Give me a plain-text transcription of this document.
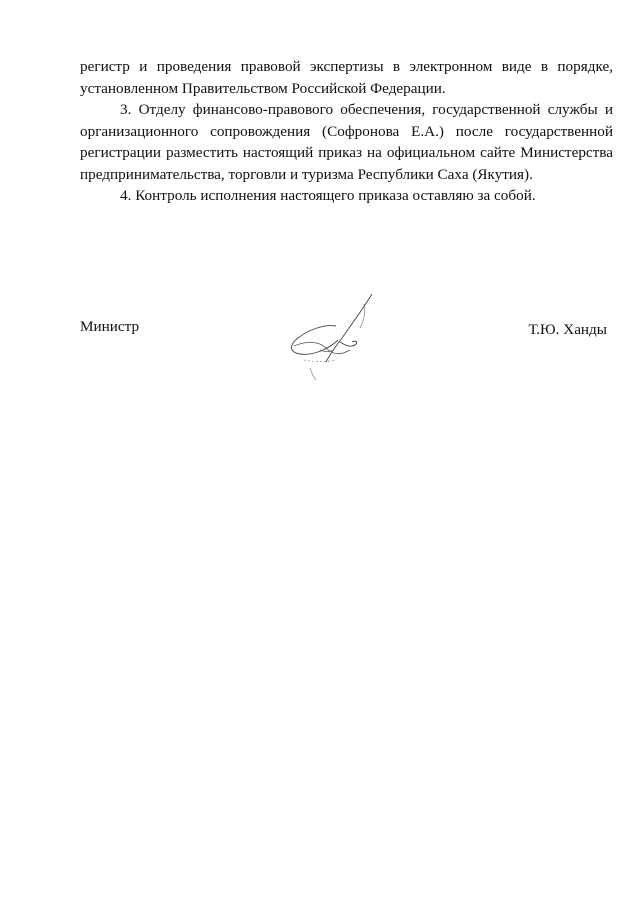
регистр и проведения правовой экспертизы в электронном виде в порядке, установленном Правительством Российской Федерации.

3. Отделу финансово-правового обеспечения, государственной службы и организационного сопровождения (Софронова Е.А.) после государственной регистрации разместить настоящий приказ на официальном сайте Министерства предпринимательства, торговли и туризма Республики Саха (Якутия).

4. Контроль исполнения настоящего приказа оставляю за собой.

Министр	Т.Ю. Ханды
